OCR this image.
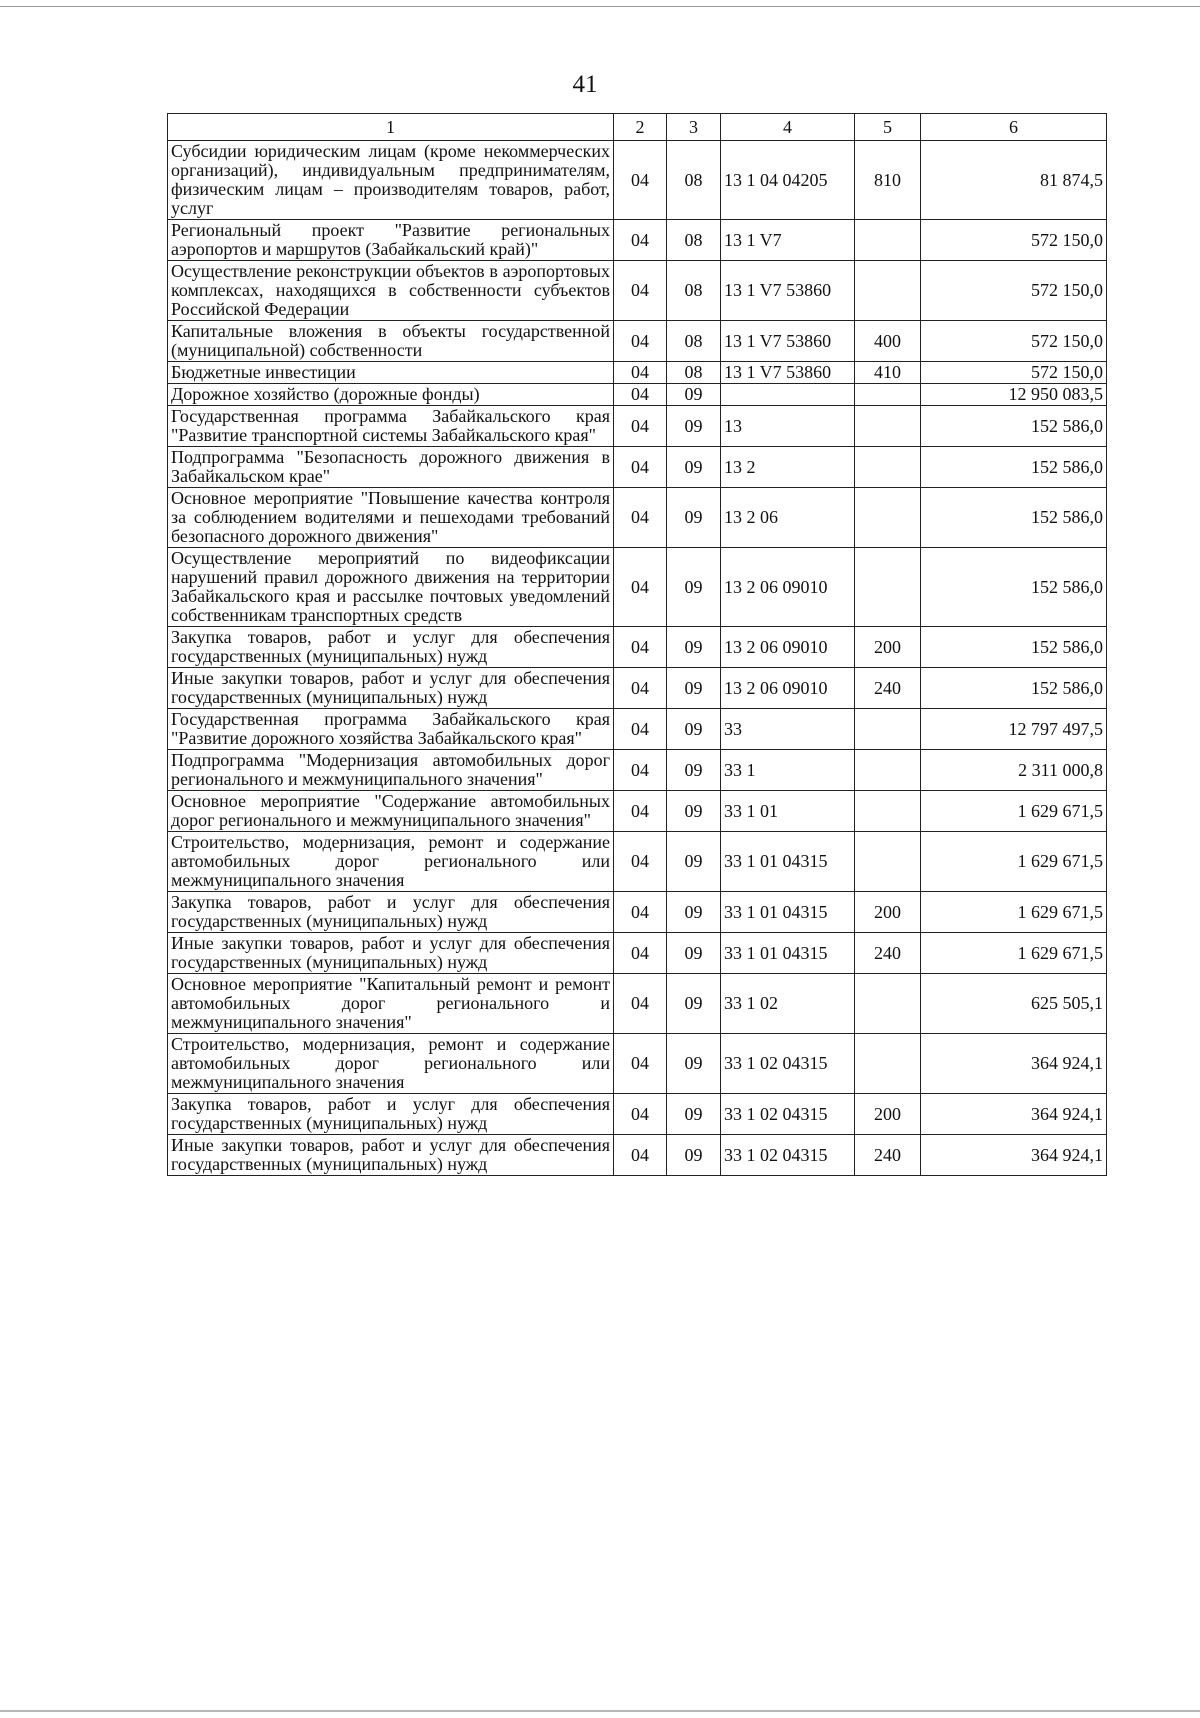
41
1	2	3	4	5	6
Субсидии юридическим лицам (кроме некоммерческих организаций), индивидуальным предпринимателям, физическим лицам – производителям товаров, работ, услуг	04	08	13 1 04 04205	810	81 874,5
Региональный проект "Развитие региональных аэропортов и маршрутов (Забайкальский край)"	04	08	13 1 V7		572 150,0
Осуществление реконструкции объектов в аэропортовых комплексах, находящихся в собственности субъектов Российской Федерации	04	08	13 1 V7 53860		572 150,0
Капитальные вложения в объекты государственной (муниципальной) собственности	04	08	13 1 V7 53860	400	572 150,0
Бюджетные инвестиции	04	08	13 1 V7 53860	410	572 150,0
Дорожное хозяйство (дорожные фонды)	04	09			12 950 083,5
Государственная программа Забайкальского края "Развитие транспортной системы Забайкальского края"	04	09	13		152 586,0
Подпрограмма "Безопасность дорожного движения в Забайкальском крае"	04	09	13 2		152 586,0
Основное мероприятие "Повышение качества контроля за соблюдением водителями и пешеходами требований безопасного дорожного движения"	04	09	13 2 06		152 586,0
Осуществление мероприятий по видеофиксации нарушений правил дорожного движения на территории Забайкальского края и рассылке почтовых уведомлений собственникам транспортных средств	04	09	13 2 06 09010		152 586,0
Закупка товаров, работ и услуг для обеспечения государственных (муниципальных) нужд	04	09	13 2 06 09010	200	152 586,0
Иные закупки товаров, работ и услуг для обеспечения государственных (муниципальных) нужд	04	09	13 2 06 09010	240	152 586,0
Государственная программа Забайкальского края "Развитие дорожного хозяйства Забайкальского края"	04	09	33		12 797 497,5
Подпрограмма "Модернизация автомобильных дорог регионального и межмуниципального значения"	04	09	33 1		2 311 000,8
Основное мероприятие "Содержание автомобильных дорог регионального и межмуниципального значения"	04	09	33 1 01		1 629 671,5
Строительство, модернизация, ремонт и содержание автомобильных дорог регионального или межмуниципального значения	04	09	33 1 01 04315		1 629 671,5
Закупка товаров, работ и услуг для обеспечения государственных (муниципальных) нужд	04	09	33 1 01 04315	200	1 629 671,5
Иные закупки товаров, работ и услуг для обеспечения государственных (муниципальных) нужд	04	09	33 1 01 04315	240	1 629 671,5
Основное мероприятие "Капитальный ремонт и ремонт автомобильных дорог регионального и межмуниципального значения"	04	09	33 1 02		625 505,1
Строительство, модернизация, ремонт и содержание автомобильных дорог регионального или межмуниципального значения	04	09	33 1 02 04315		364 924,1
Закупка товаров, работ и услуг для обеспечения государственных (муниципальных) нужд	04	09	33 1 02 04315	200	364 924,1
Иные закупки товаров, работ и услуг для обеспечения государственных (муниципальных) нужд	04	09	33 1 02 04315	240	364 924,1
